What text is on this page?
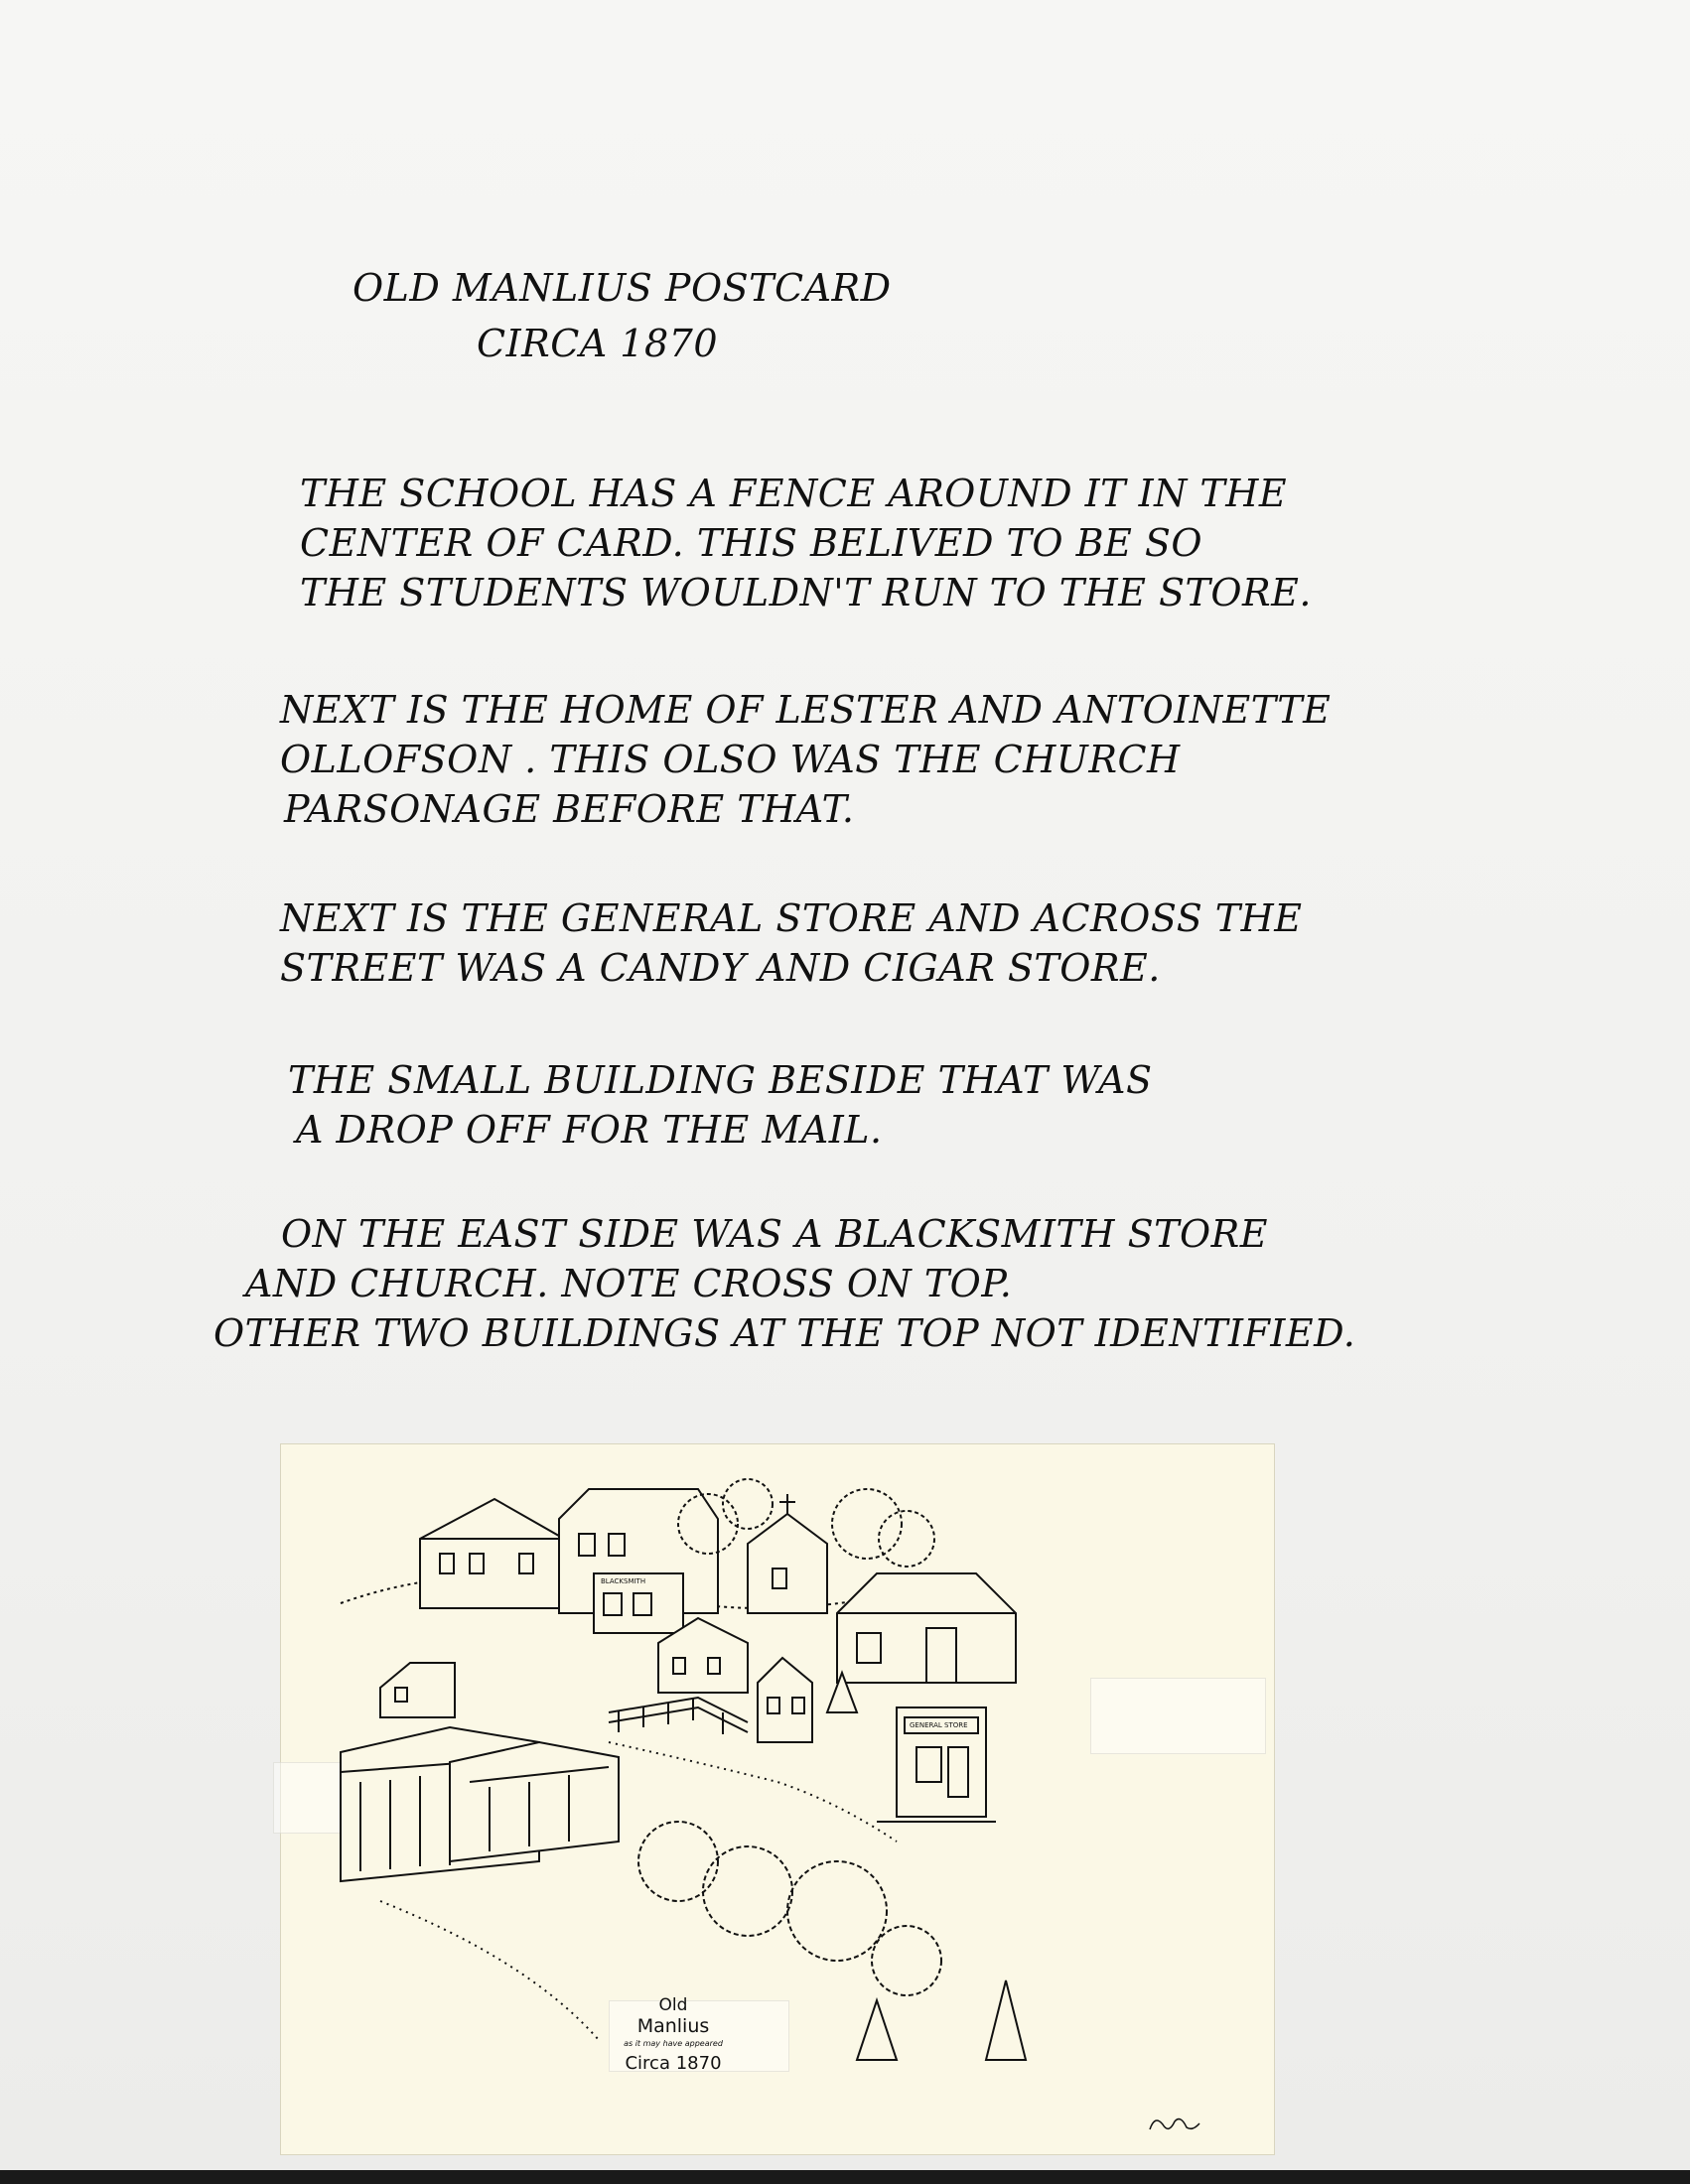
OLD MANLIUS POSTCARD
CIRCA 1870
THE SCHOOL HAS A FENCE AROUND IT IN THE
CENTER OF CARD. THIS BELIVED TO BE SO
THE STUDENTS WOULDN'T RUN TO THE STORE.
NEXT IS THE HOME OF LESTER AND ANTOINETTE
OLLOFSON . THIS OLSO WAS THE CHURCH
PARSONAGE BEFORE THAT.
NEXT IS THE GENERAL STORE AND ACROSS THE
STREET WAS A CANDY AND CIGAR STORE.
THE SMALL BUILDING BESIDE THAT WAS
A DROP OFF FOR THE MAIL.
ON THE EAST SIDE WAS A BLACKSMITH STORE
AND CHURCH. NOTE CROSS ON TOP.
OTHER TWO BUILDINGS AT THE TOP NOT IDENTIFIED.
GENERAL STORE
BLACKSMITH
Old
Manlius
as it may have appeared
Circa 1870
